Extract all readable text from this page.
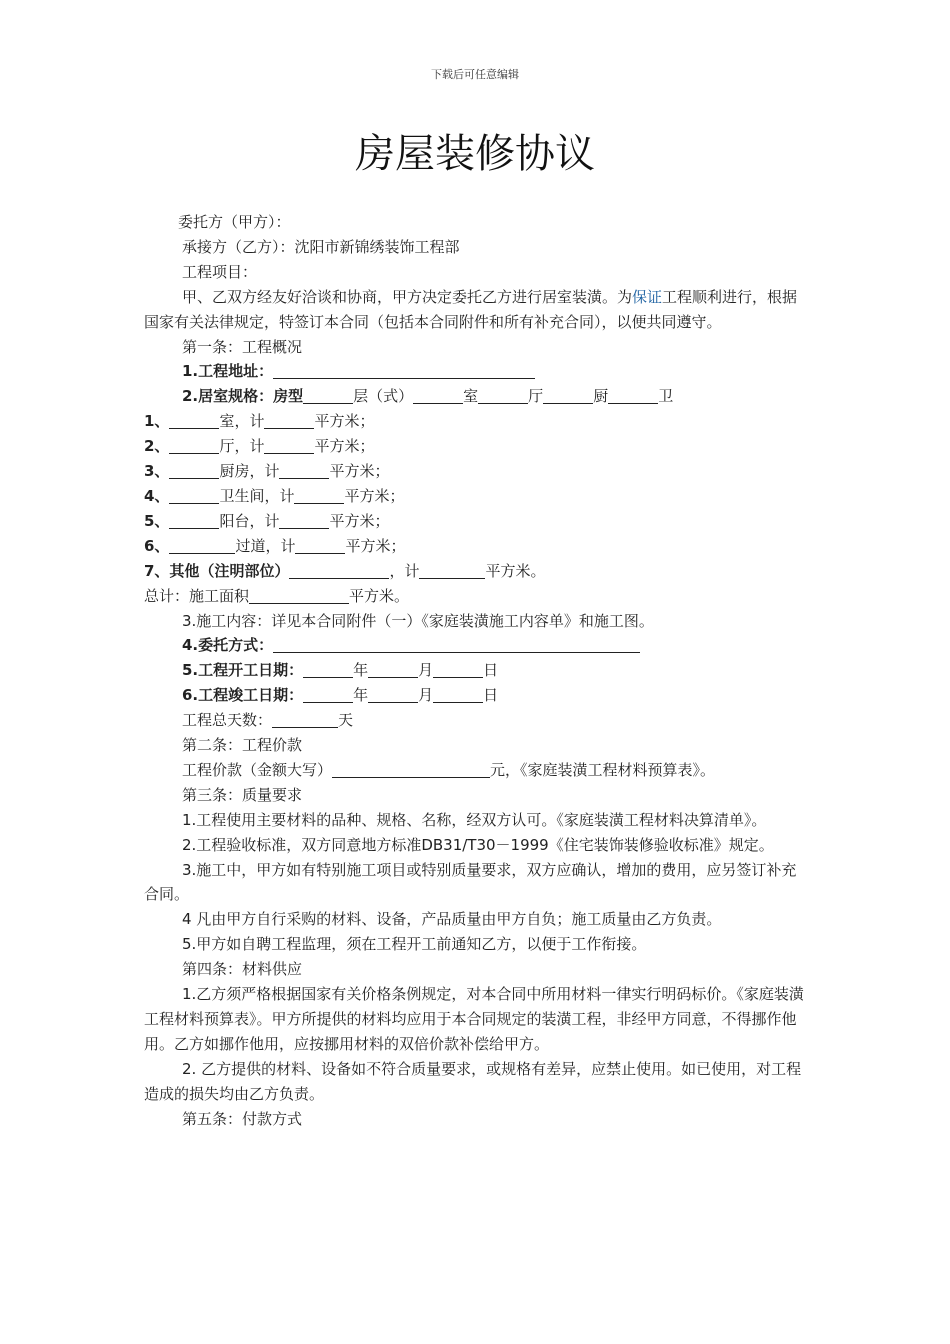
下载后可任意编辑
房屋装修协议
委托方（甲方）：
承接方（乙方）：沈阳市新锦绣装饰工程部
工程项目：
甲、乙双方经友好洽谈和协商，甲方决定委托乙方进行居室装潢。为保证工程顺利进行，根据国家有关法律规定，特签订本合同（包括本合同附件和所有补充合同），以便共同遵守。
第一条：工程概况
1.工程地址：
2.居室规格：房型	层（式）	室	厅	厨	卫
1、	室，计	平方米；
2、	厅，计	平方米；
3、	厨房，计	平方米；
4、	卫生间，计	平方米；
5、	阳台，计	平方米；
6、	过道，计	平方米；
7、其他（注明部位）	，计	平方米。
总计：施工面积	平方米。
3.施工内容：详见本合同附件（一）《家庭装潢施工内容单》和施工图。
4.委托方式：
5.工程开工日期：	年	月	日
6.工程竣工日期：	年	月	日
工程总天数：	天
第二条：工程价款
工程价款（金额大写）	元，《家庭装潢工程材料预算表》。
第三条：质量要求
1.工程使用主要材料的品种、规格、名称，经双方认可。《家庭装潢工程材料决算清单》。
2.工程验收标准，双方同意地方标准DB31/T30－1999《住宅装饰装修验收标准》规定。
3.施工中，甲方如有特别施工项目或特别质量要求，双方应确认，增加的费用，应另签订补充合同。
4 凡由甲方自行采购的材料、设备，产品质量由甲方自负；施工质量由乙方负责。
5.甲方如自聘工程监理，须在工程开工前通知乙方，以便于工作衔接。
第四条：材料供应
1.乙方须严格根据国家有关价格条例规定，对本合同中所用材料一律实行明码标价。《家庭装潢工程材料预算表》。甲方所提供的材料均应用于本合同规定的装潢工程，非经甲方同意，不得挪作他用。乙方如挪作他用，应按挪用材料的双倍价款补偿给甲方。
2. 乙方提供的材料、设备如不符合质量要求，或规格有差异，应禁止使用。如已使用，对工程造成的损失均由乙方负责。
第五条：付款方式
